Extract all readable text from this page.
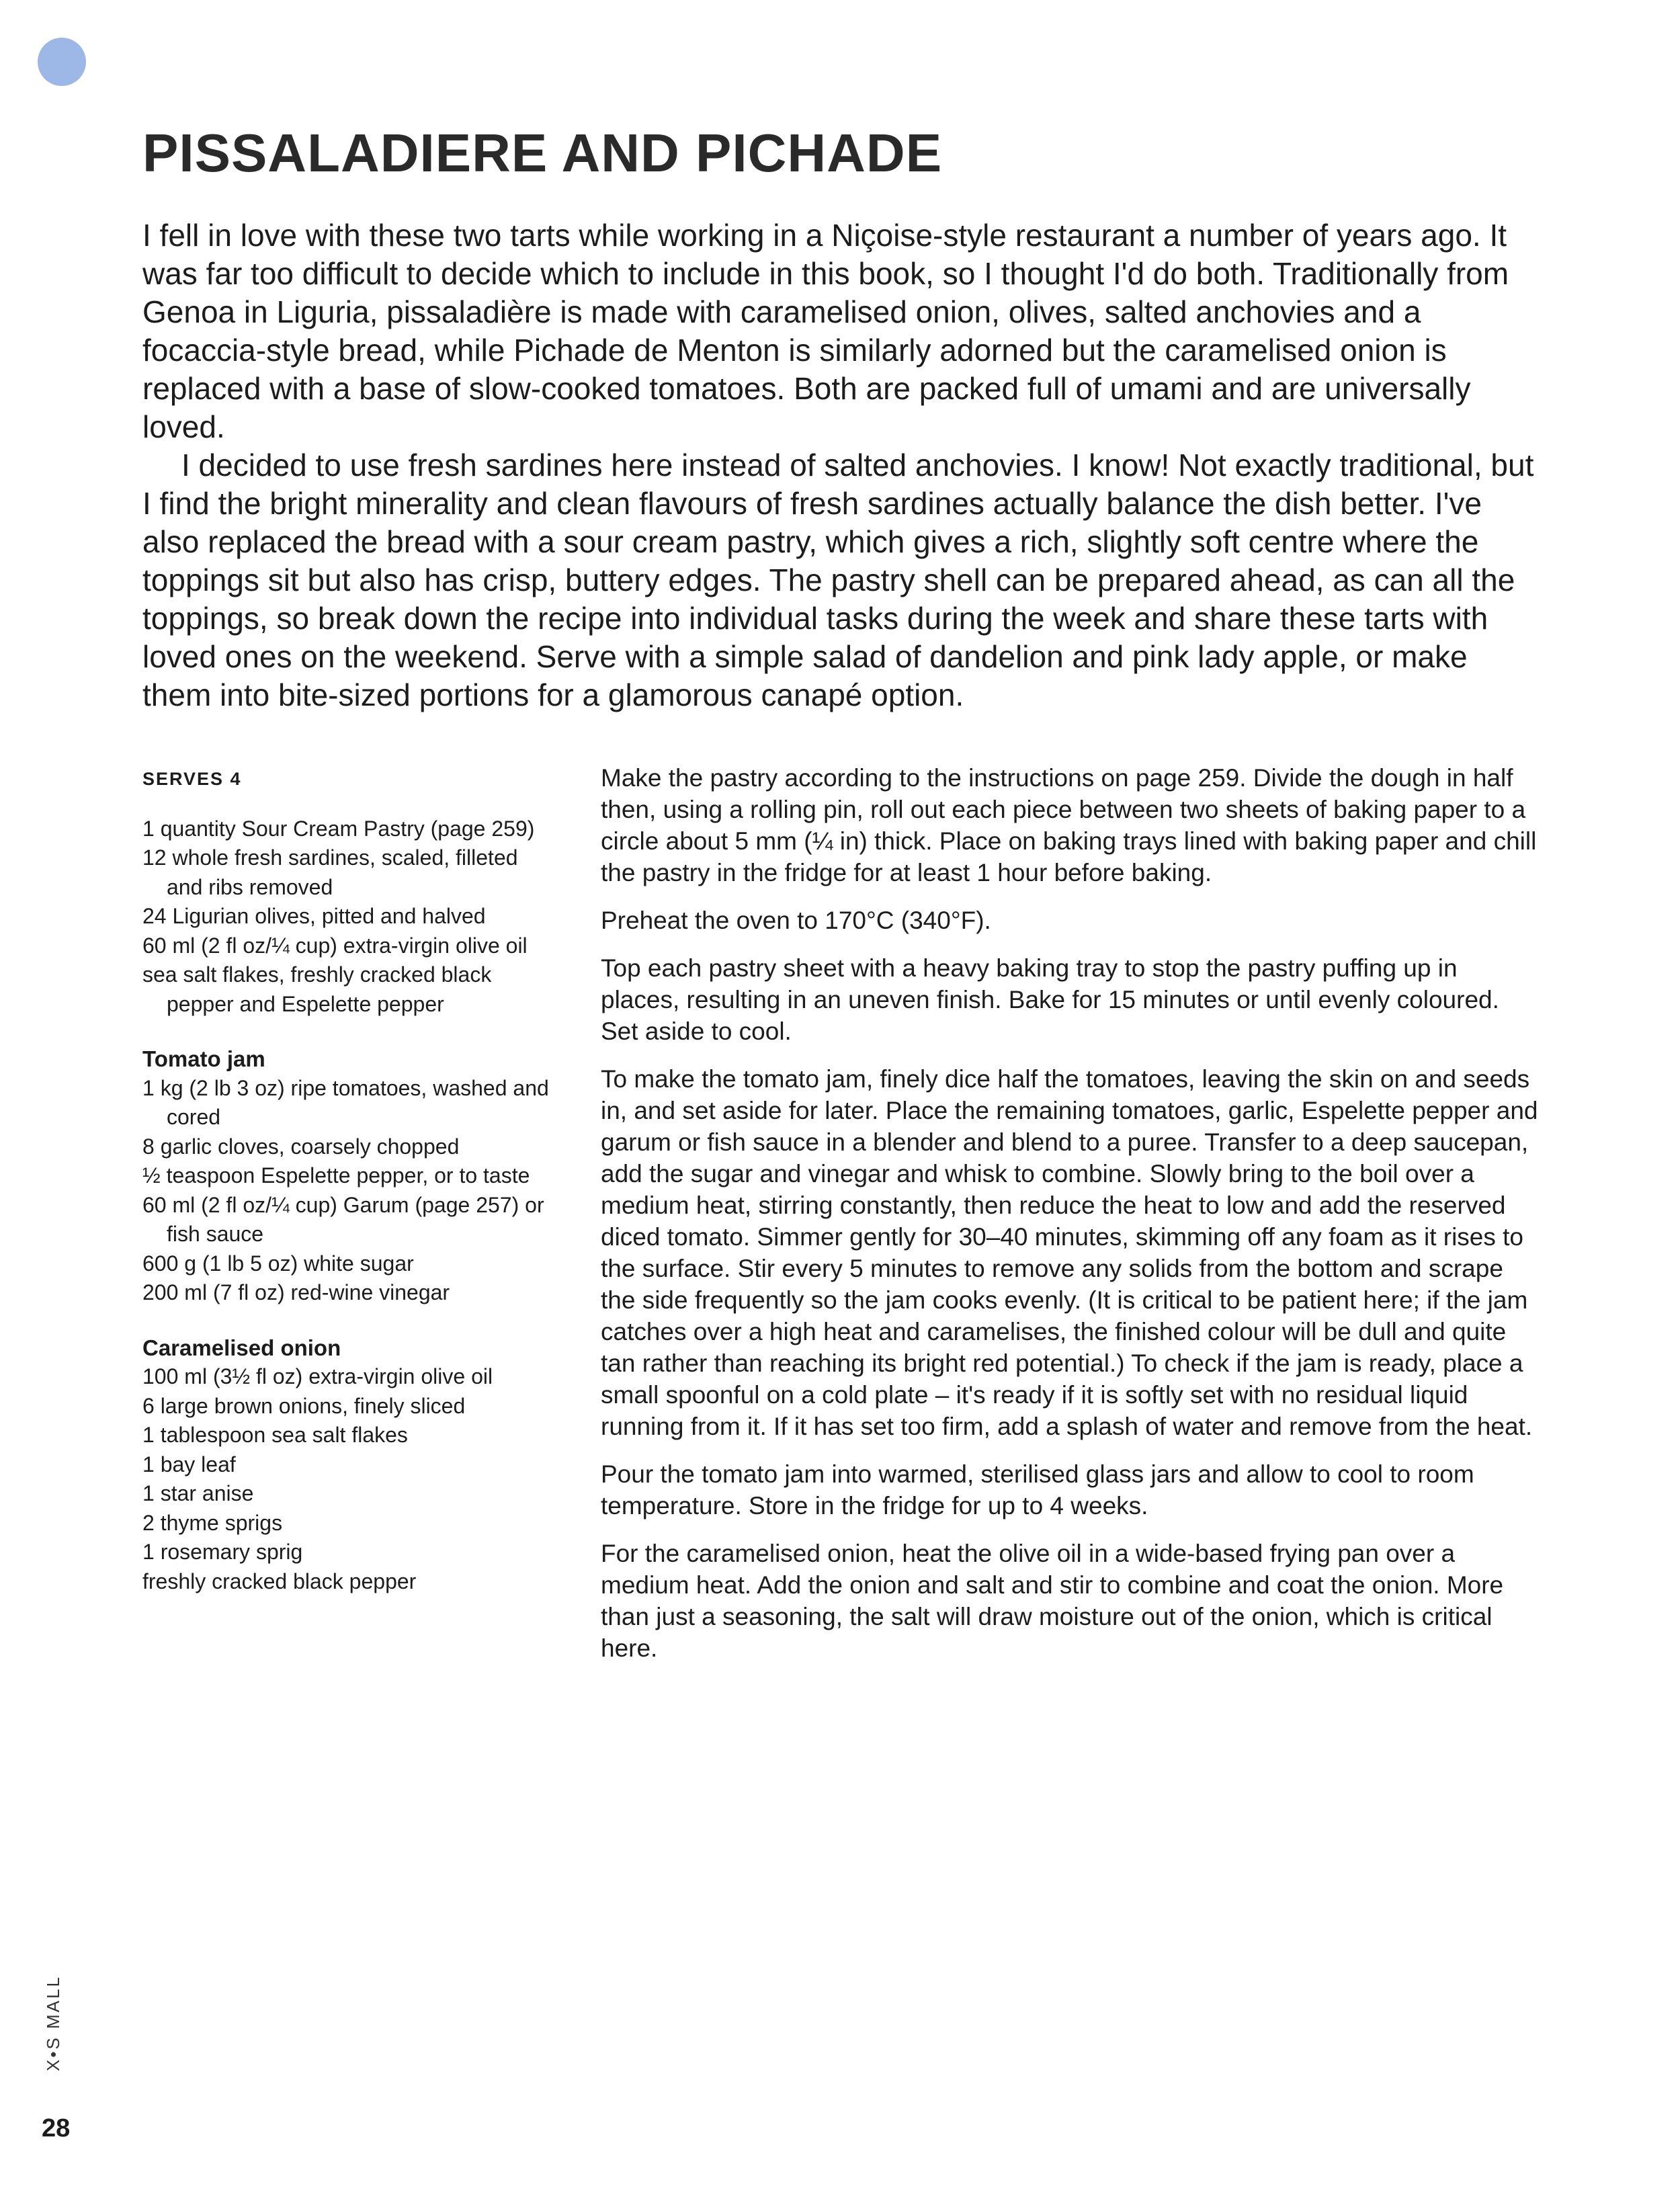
PISSALADIERE AND PICHADE

I fell in love with these two tarts while working in a Niçoise-style restaurant a number of years ago. It was far too difficult to decide which to include in this book, so I thought I'd do both. Traditionally from Genoa in Liguria, pissaladière is made with caramelised onion, olives, salted anchovies and a focaccia-style bread, while Pichade de Menton is similarly adorned but the caramelised onion is replaced with a base of slow-cooked tomatoes. Both are packed full of umami and are universally loved.

I decided to use fresh sardines here instead of salted anchovies. I know! Not exactly traditional, but I find the bright minerality and clean flavours of fresh sardines actually balance the dish better. I've also replaced the bread with a sour cream pastry, which gives a rich, slightly soft centre where the toppings sit but also has crisp, buttery edges. The pastry shell can be prepared ahead, as can all the toppings, so break down the recipe into individual tasks during the week and share these tarts with loved ones on the weekend. Serve with a simple salad of dandelion and pink lady apple, or make them into bite-sized portions for a glamorous canapé option.

SERVES 4
1 quantity Sour Cream Pastry (page 259)
12 whole fresh sardines, scaled, filleted and ribs removed
24 Ligurian olives, pitted and halved
60 ml (2 fl oz/¼ cup) extra-virgin olive oil
sea salt flakes, freshly cracked black pepper and Espelette pepper
Tomato jam
1 kg (2 lb 3 oz) ripe tomatoes, washed and cored
8 garlic cloves, coarsely chopped
½ teaspoon Espelette pepper, or to taste
60 ml (2 fl oz/¼ cup) Garum (page 257) or fish sauce
600 g (1 lb 5 oz) white sugar
200 ml (7 fl oz) red-wine vinegar
Caramelised onion
100 ml (3½ fl oz) extra-virgin olive oil
6 large brown onions, finely sliced
1 tablespoon sea salt flakes
1 bay leaf
1 star anise
2 thyme sprigs
1 rosemary sprig
freshly cracked black pepper

Make the pastry according to the instructions on page 259. Divide the dough in half then, using a rolling pin, roll out each piece between two sheets of baking paper to a circle about 5 mm (¼ in) thick. Place on baking trays lined with baking paper and chill the pastry in the fridge for at least 1 hour before baking.

Preheat the oven to 170°C (340°F).

Top each pastry sheet with a heavy baking tray to stop the pastry puffing up in places, resulting in an uneven finish. Bake for 15 minutes or until evenly coloured. Set aside to cool.

To make the tomato jam, finely dice half the tomatoes, leaving the skin on and seeds in, and set aside for later. Place the remaining tomatoes, garlic, Espelette pepper and garum or fish sauce in a blender and blend to a puree. Transfer to a deep saucepan, add the sugar and vinegar and whisk to combine. Slowly bring to the boil over a medium heat, stirring constantly, then reduce the heat to low and add the reserved diced tomato. Simmer gently for 30–40 minutes, skimming off any foam as it rises to the surface. Stir every 5 minutes to remove any solids from the bottom and scrape the side frequently so the jam cooks evenly. (It is critical to be patient here; if the jam catches over a high heat and caramelises, the finished colour will be dull and quite tan rather than reaching its bright red potential.) To check if the jam is ready, place a small spoonful on a cold plate – it's ready if it is softly set with no residual liquid running from it. If it has set too firm, add a splash of water and remove from the heat.

Pour the tomato jam into warmed, sterilised glass jars and allow to cool to room temperature. Store in the fridge for up to 4 weeks.

For the caramelised onion, heat the olive oil in a wide-based frying pan over a medium heat. Add the onion and salt and stir to combine and coat the onion. More than just a seasoning, the salt will draw moisture out of the onion, which is critical here.

X•S MALL
28
